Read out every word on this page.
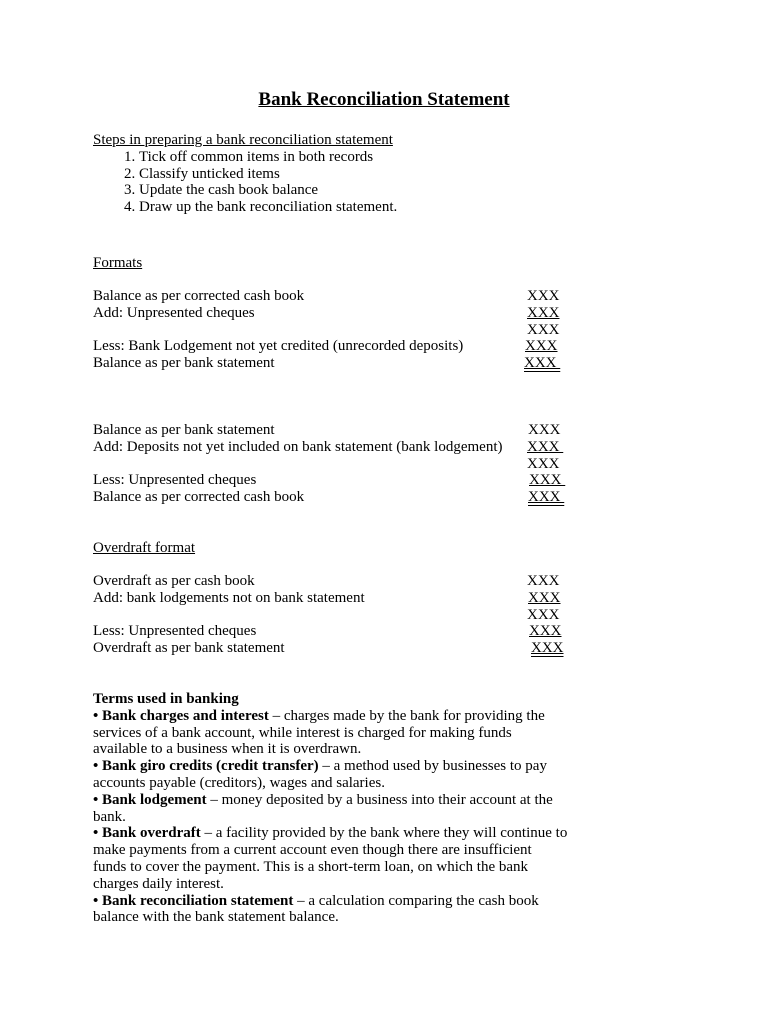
Bank Reconciliation Statement
Steps in preparing a bank reconciliation statement
1. Tick off common items in both records
2. Classify unticked items
3. Update the cash book balance
4. Draw up the bank reconciliation statement.
Formats
Balance as per corrected cash book	XXX
Add: Unpresented cheques	XXX
XXX
Less: Bank Lodgement not yet credited (unrecorded deposits)	XXX
Balance as per bank statement	XXX
Balance as per bank statement	XXX
Add: Deposits not yet included on bank statement (bank lodgement) XXX
XXX
Less: Unpresented cheques	XXX
Balance as per corrected cash book	XXX
Overdraft format
Overdraft as per cash book	XXX
Add: bank lodgements not on bank statement	XXX
XXX
Less: Unpresented cheques	XXX
Overdraft as per bank statement	XXX

Terms used in banking

• Bank charges and interest – charges made by the bank for providing the services of a bank account, while interest is charged for making funds available to a business when it is overdrawn.

• Bank giro credits (credit transfer) – a method used by businesses to pay accounts payable (creditors), wages and salaries.

• Bank lodgement – money deposited by a business into their account at the bank.

• Bank overdraft – a facility provided by the bank where they will continue to make payments from a current account even though there are insufficient funds to cover the payment. This is a short-term loan, on which the bank charges daily interest.

• Bank reconciliation statement – a calculation comparing the cash book balance with the bank statement balance.
